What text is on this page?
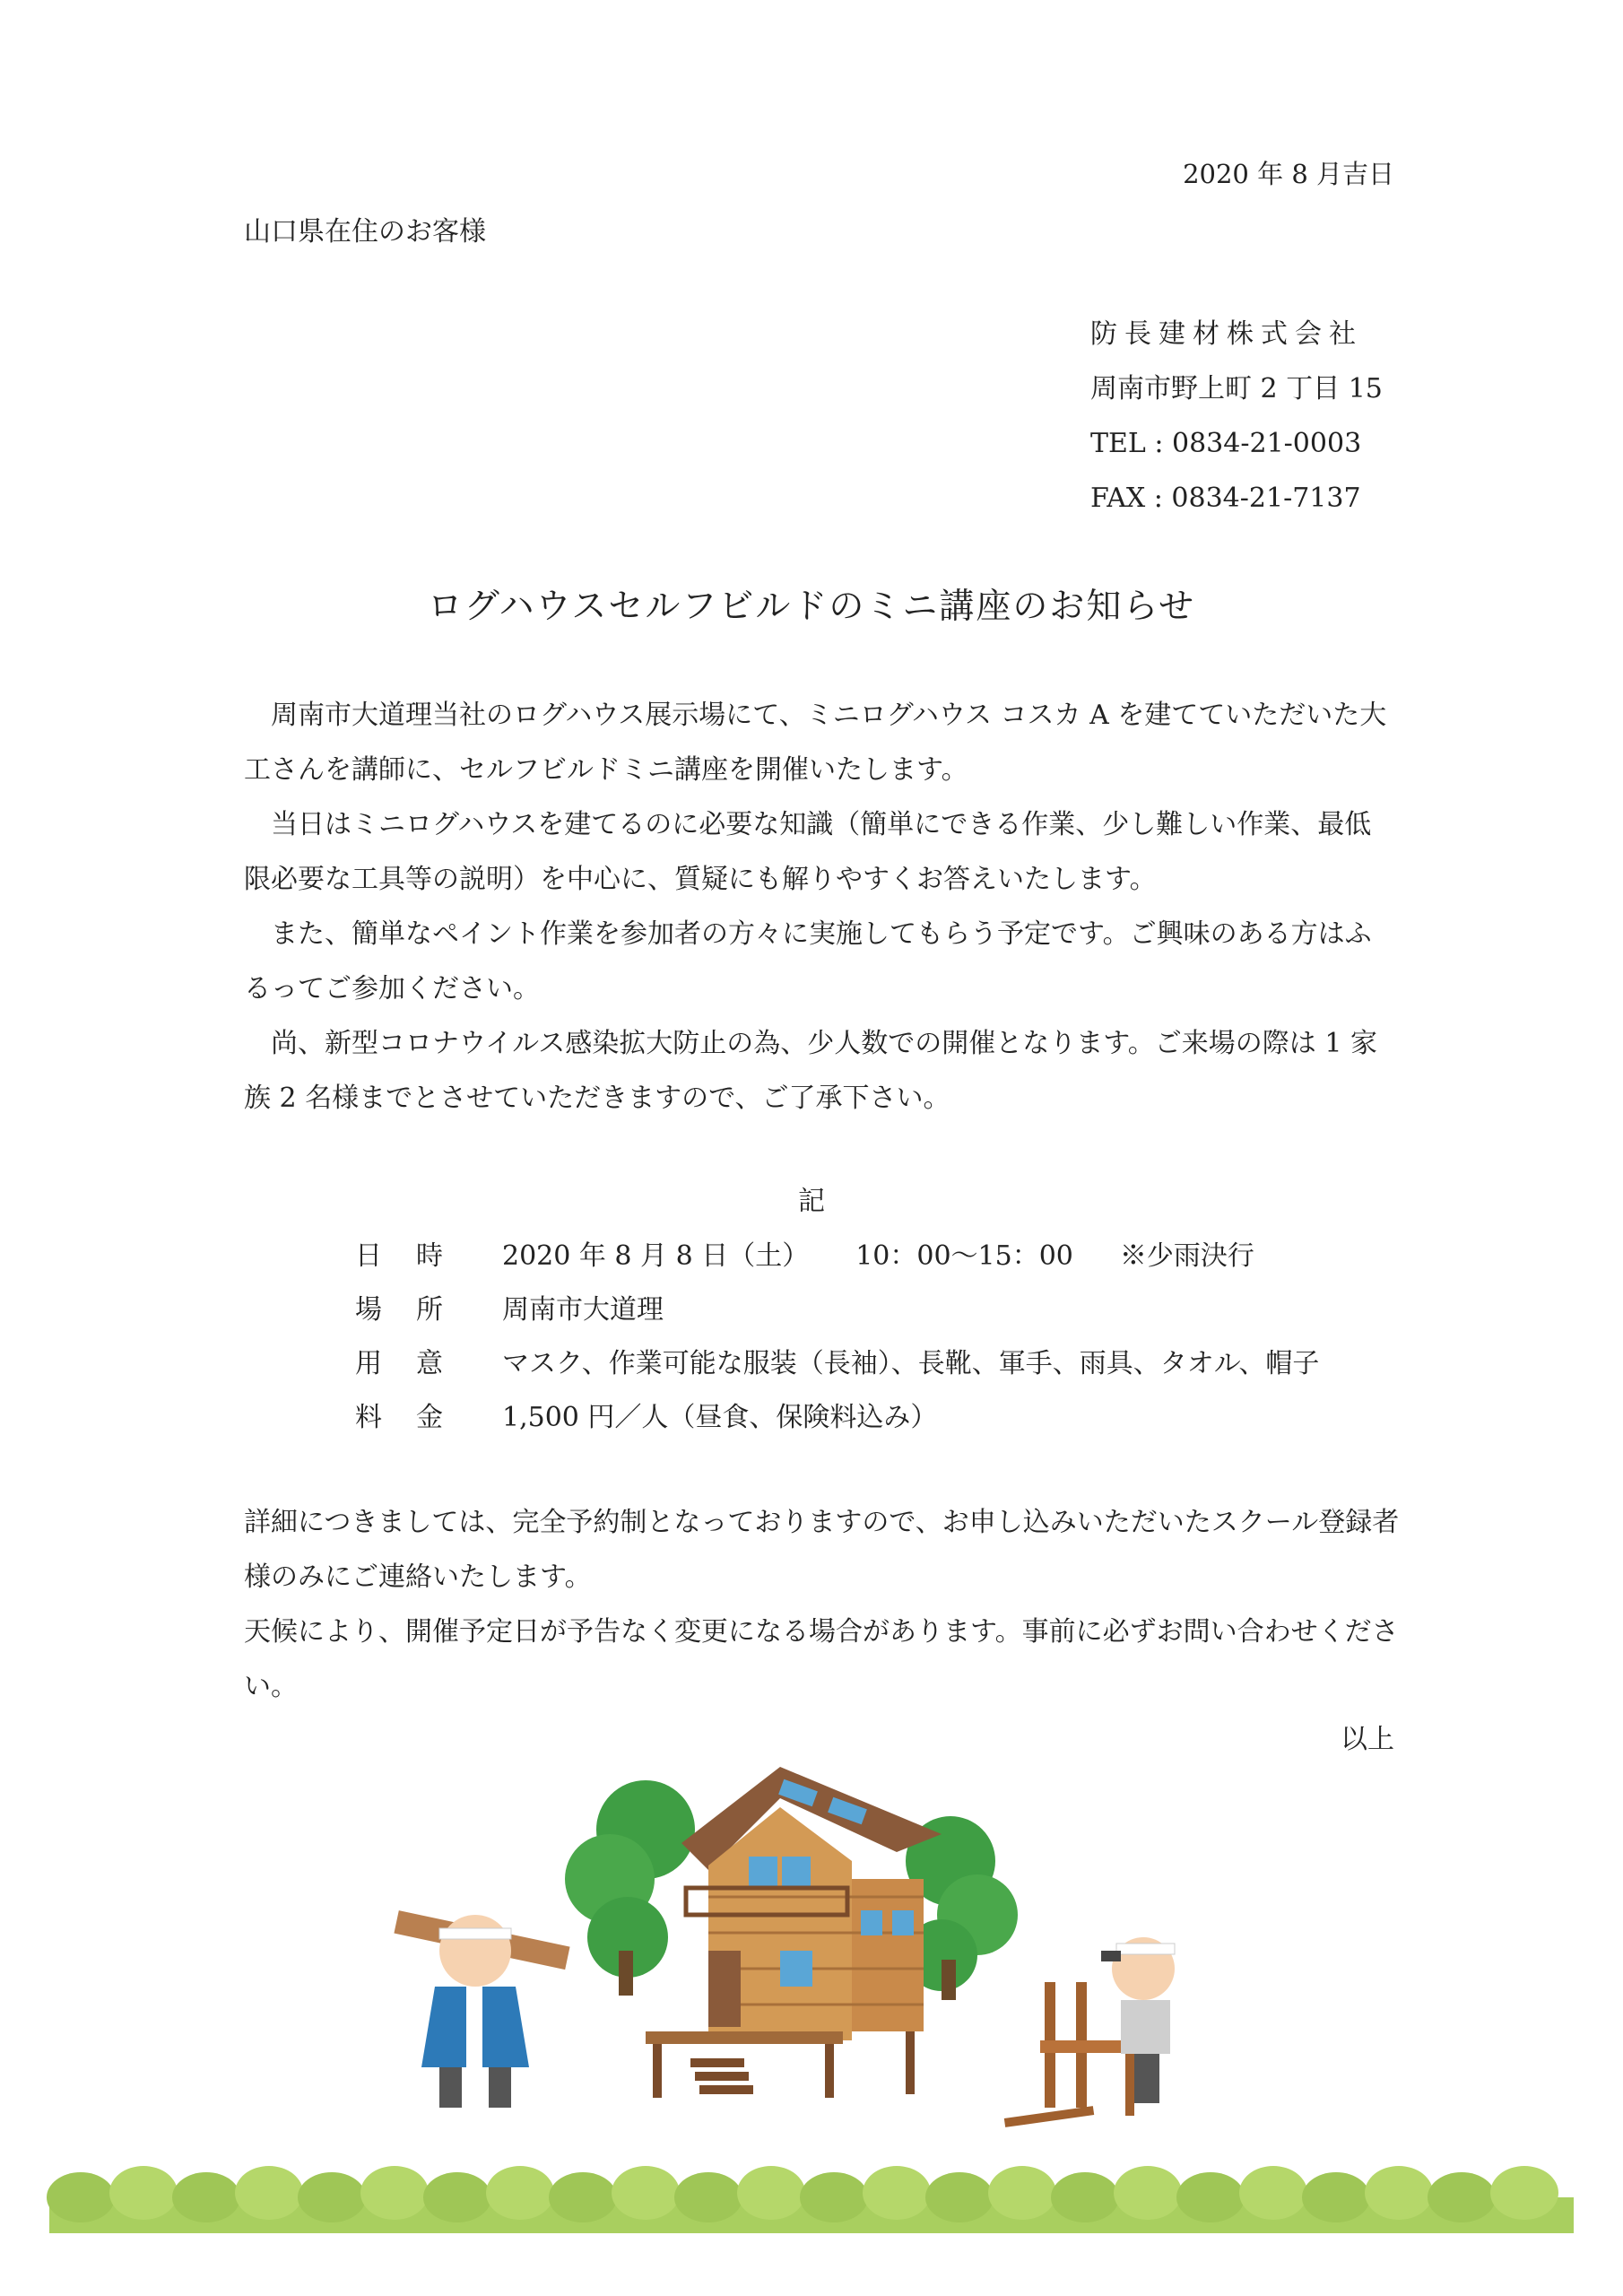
2020 年 8 月吉日
山口県在住のお客様
防長建材株式会社
周南市野上町 2 丁目 15
TEL : 0834-21-0003
FAX : 0834-21-7137
ログハウスセルフビルドのミニ講座のお知らせ

周南市大道理当社のログハウス展示場にて、ミニログハウス コスカ A を建てていただいた大工さんを講師に、セルフビルドミニ講座を開催いたします。

当日はミニログハウスを建てるのに必要な知識（簡単にできる作業、少し難しい作業、最低限必要な工具等の説明）を中心に、質疑にも解りやすくお答えいたします。

また、簡単なペイント作業を参加者の方々に実施してもらう予定です。ご興味のある方はふるってご参加ください。

尚、新型コロナウイルス感染拡大防止の為、少人数での開催となります。ご来場の際は 1 家族 2 名様までとさせていただきますので、ご了承下さい。

記
日時 2020 年 8 月 8 日（土） 10：00～15：00 ※少雨決行
場所 周南市大道理
用意 マスク、作業可能な服装（長袖）、長靴、軍手、雨具、タオル、帽子
料金 1,500 円／人（昼食、保険料込み）

詳細につきましては、完全予約制となっておりますので、お申し込みいただいたスクール登録者様のみにご連絡いたします。

天候により、開催予定日が予告なく変更になる場合があります。事前に必ずお問い合わせください。

以上
